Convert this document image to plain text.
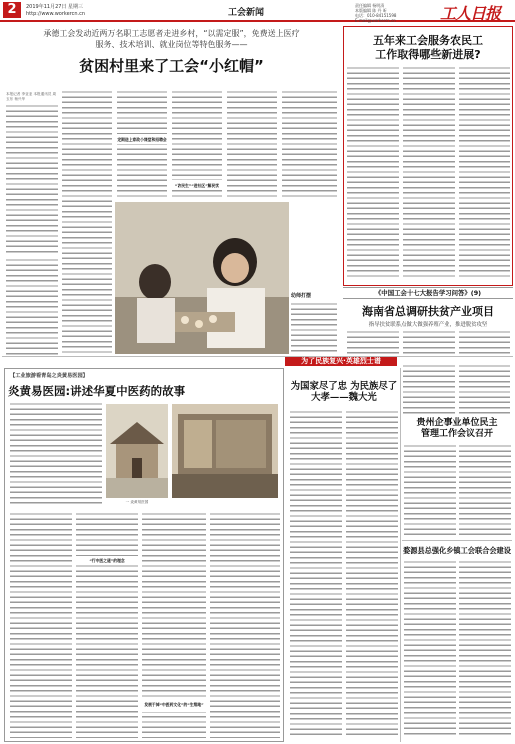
2	2019年11月27日 星期三
http://www.workercn.cn	工会新闻
责任编辑 杨明清
本版编辑 陈 丹 昕
电话：010-84151598
E-mail@workercn.cn	工人日报
承德工会发动近两万名职工志愿者走进乡村，“以需定服”，免费送上医疗
服务、技术培训、就业岗位等特色服务——
贫困村里来了工会“小红帽”
本报记者 李亚亚 本报通讯员 周玉东 杨兴华
定期送上家政小课堂和招聘会
“访民生”“进社区”解民忧
幼师打摆
五年来工会服务农民工
工作取得哪些新进展?
《中国工会十七大报告学习问答》(9)
海南省总调研扶贫产业项目
指导扶贫联系点做大做强养殖产业，推进脱贫攻坚
为了民族复兴·英雄烈士谱
【工业旅游看青岛之炎黄易医园】
炎黄易医园:讲述华夏中医药的故事
一 炎黄易医园
“行中医之道”的理念
发展于掉“中医药文化”的“生翔地”
为国家尽了忠 为民族尽了大孝——魏大光
贵州企事业单位民主
管理工作会议召开
婺源县总强化乡镇工会联合会建设
